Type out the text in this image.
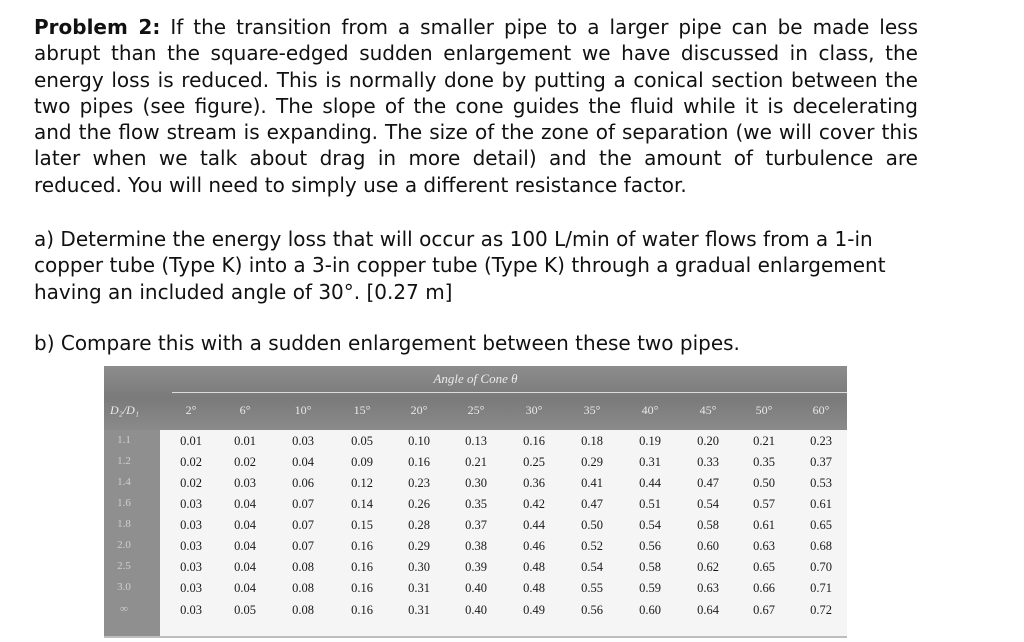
Problem 2: If the transition from a smaller pipe to a larger pipe can be made less abrupt than the square-edged sudden enlargement we have discussed in class, the energy loss is reduced. This is normally done by putting a conical section between the two pipes (see figure). The slope of the cone guides the fluid while it is decelerating and the flow stream is expanding. The size of the zone of separation (we will cover this later when we talk about drag in more detail) and the amount of turbulence are reduced. You will need to simply use a different resistance factor.
a) Determine the energy loss that will occur as 100 L/min of water flows from a 1-in copper tube (Type K) into a 3-in copper tube (Type K) through a gradual enlargement having an included angle of 30°. [0.27 m]
b) Compare this with a sudden enlargement between these two pipes.
Angle of Cone θ
D₂/D₁	2°	6°	10°	15°	20°	25°	30°	35°	40°	45°	50°	60°
1.1	0.01	0.01	0.03	0.05	0.10	0.13	0.16	0.18	0.19	0.20	0.21	0.23
1.2	0.02	0.02	0.04	0.09	0.16	0.21	0.25	0.29	0.31	0.33	0.35	0.37
1.4	0.02	0.03	0.06	0.12	0.23	0.30	0.36	0.41	0.44	0.47	0.50	0.53
1.6	0.03	0.04	0.07	0.14	0.26	0.35	0.42	0.47	0.51	0.54	0.57	0.61
1.8	0.03	0.04	0.07	0.15	0.28	0.37	0.44	0.50	0.54	0.58	0.61	0.65
2.0	0.03	0.04	0.07	0.16	0.29	0.38	0.46	0.52	0.56	0.60	0.63	0.68
2.5	0.03	0.04	0.08	0.16	0.30	0.39	0.48	0.54	0.58	0.62	0.65	0.70
3.0	0.03	0.04	0.08	0.16	0.31	0.40	0.48	0.55	0.59	0.63	0.66	0.71
∞	0.03	0.05	0.08	0.16	0.31	0.40	0.49	0.56	0.60	0.64	0.67	0.72
